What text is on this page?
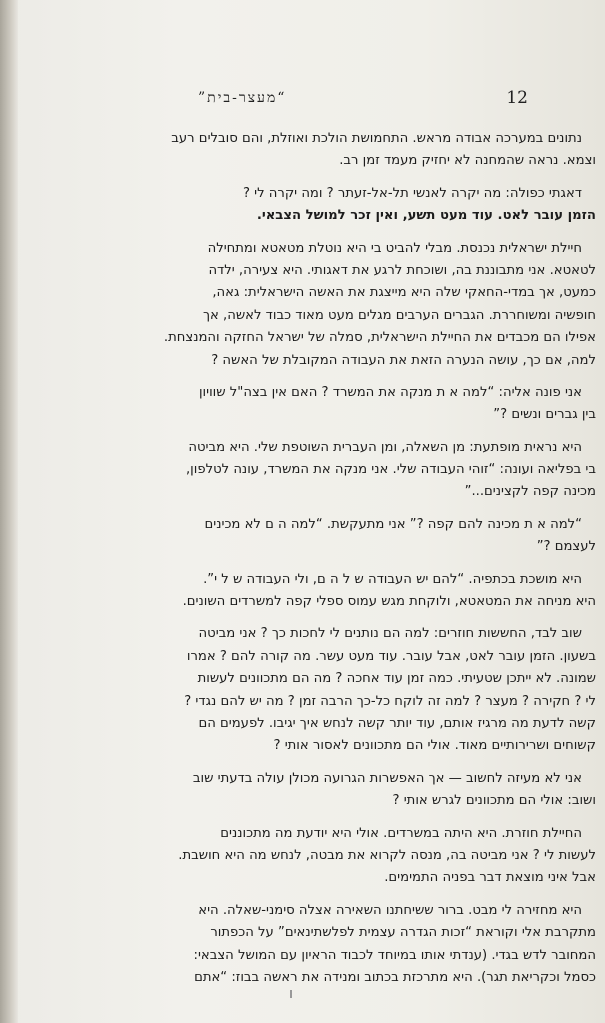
“מעצר-בית”	12
נתונים במערכה אבודה מראש. התחמושת הולכת ואוזלת, והם סובלים רעב
וצמא. נראה שהמחנה לא יחזיק מעמד זמן רב.
דאגתי כפולה: מה יקרה לאנשי תל-אל-זעתר ? ומה יקרה לי ?
הזמן עובר לאט. עוד מעט תשע, ואין זכר למושל הצבאי.
חיילת ישראלית נכנסת. מבלי להביט בי היא נוטלת מטאטא ומתחילה
לטאטא. אני מתבוננת בה, ושוכחת לרגע את דאגותי. היא צעירה, ילדה
כמעט, אך במדי-החאקי שלה היא מייצגת את האשה הישראלית: גאה,
חופשיה ומשוחררת. הגברים הערבים מגלים מעט מאוד כבוד לאשה, אך
אפילו הם מכבדים את החיילת הישראלית, סמלה של ישראל החזקה והמנצחת.
למה, אם כך, עושה הנערה הזאת את העבודה המקובלת של האשה ?
אני פונה אליה: “למה א ת מנקה את המשרד ? האם אין בצה"ל שוויון
בין גברים ונשים ?”
היא נראית מופתעת: מן השאלה, ומן העברית השוטפת שלי. היא מביטה
בי בפליאה ועונה: “זוהי העבודה שלי. אני מנקה את המשרד, עונה לטלפון,
מכינה קפה לקצינים...”
“למה א ת מכינה להם קפה ?” אני מתעקשת. “למה ה ם לא מכינים
לעצמם ?”
היא מושכת בכתפיה. “להם יש העבודה ש ל ה ם, ולי העבודה ש ל י”.
היא מניחה את המטאטא, ולוקחת מגש עמוס ספלי קפה למשרדים השונים.
שוב לבד, החששות חוזרים: למה הם נותנים לי לחכות כך ? אני מביטה
בשעון. הזמן עובר לאט, אבל עובר. עוד מעט עשר. מה קורה להם ? אמרו
שמונה. לא ייתכן שטעיתי. כמה זמן עוד אחכה ? מה הם מתכוונים לעשות
לי ? חקירה ? מעצר ? למה זה לוקח כל-כך הרבה זמן ? מה יש להם נגדי ?
קשה לדעת מה מרגיז אותם, עוד יותר קשה לנחש איך יגיבו. לפעמים הם
קשוחים ושרירותיים מאוד. אולי הם מתכוונים לאסור אותי ?
אני לא מעיזה לחשוב — אך האפשרות הגרועה מכולן עולה בדעתי שוב
ושוב: אולי הם מתכוונים לגרש אותי ?
החיילת חוזרת. היא היתה במשרדים. אולי היא יודעת מה מתכוננים
לעשות לי ? אני מביטה בה, מנסה לקרוא את מבטה, לנחש מה היא חושבת.
אבל איני מוצאת דבר בפניה התמימים.
היא מחזירה לי מבט. ברור ששיחתנו השאירה אצלה סימני-שאלה. היא
מתקרבת אלי וקוראת “זכות הגדרה עצמית לפלשתינאים” על הכפתור
המחובר לדש בגדי. (ענדתי אותו במיוחד לכבוד הראיון עם המושל הצבאי:
כסמל וכקריאת תגר). היא מתרכזת בכתוב ומנידה את ראשה בבוז: “אתם
